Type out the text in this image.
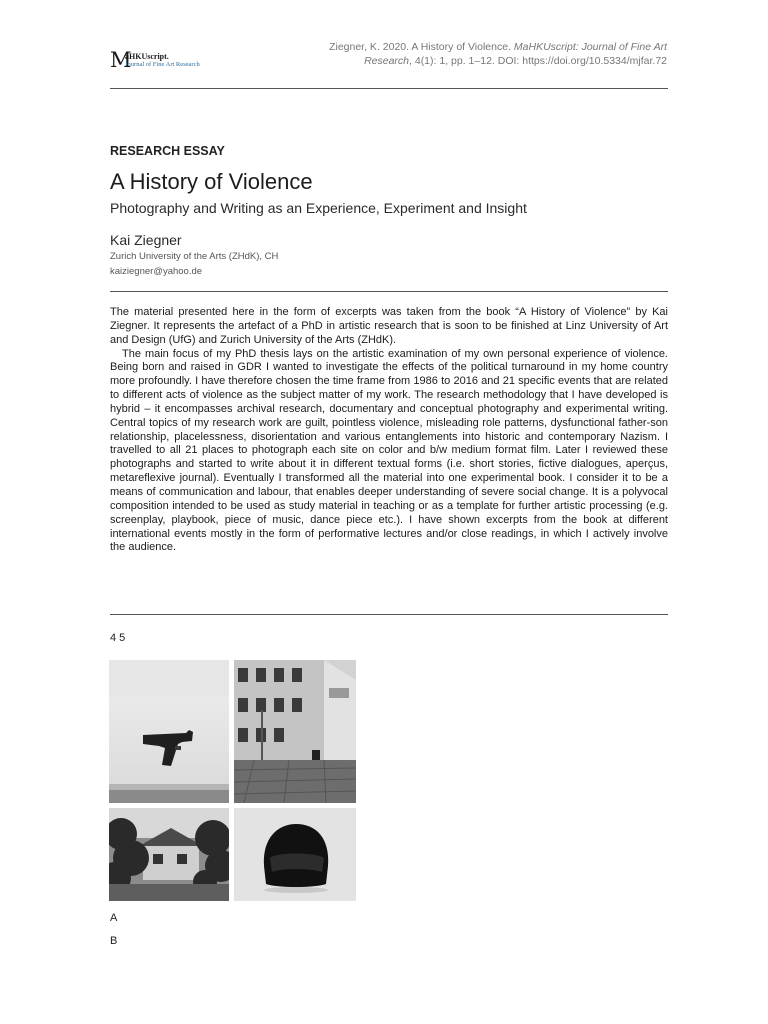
M
aHKUscript.
Journal of Fine Art Research
Ziegner, K. 2020. A History of Violence. MaHKUscript: Journal of Fine Art Research, 4(1): 1, pp. 1–12. DOI: https://doi.org/10.5334/mjfar.72
RESEARCH ESSAY
A History of Violence
Photography and Writing as an Experience, Experiment and Insight
Kai Ziegner
Zurich University of the Arts (ZHdK), CH
kaiziegner@yahoo.de

The material presented here in the form of excerpts was taken from the book “A History of Violence” by Kai Ziegner. It represents the artefact of a PhD in artistic research that is soon to be finished at Linz University of Art and Design (UfG) and Zurich University of the Arts (ZHdK).

The main focus of my PhD thesis lays on the artistic examination of my own personal experience of violence. Being born and raised in GDR I wanted to investigate the effects of the political turnaround in my home country more profoundly. I have therefore chosen the time frame from 1986 to 2016 and 21 specific events that are related to different acts of violence as the subject matter of my work. The research methodology that I have developed is hybrid – it encompasses archival research, documentary and conceptual photography and experimental writing. Central topics of my research work are guilt, pointless violence, misleading role patterns, dysfunctional father-son relationship, placelessness, disorientation and various entanglements into historic and contemporary Nazism. I travelled to all 21 places to photograph each site on color and b/w medium format film. Later I reviewed these photographs and started to write about it in different textual forms (i.e. short stories, fictive dialogues, aperçus, metareflexive journal). Eventually I transformed all the material into one experimental book. I consider it to be a means of communication and labour, that enables deeper understanding of severe social change. It is a polyvocal composition intended to be used as study material in teaching or as a template for further artistic processing (e.g. screenplay, playbook, piece of music, dance piece etc.). I have shown excerpts from the book at different international events mostly in the form of performative lectures and/or close readings, in which I actively involve the audience.

45
A
B
